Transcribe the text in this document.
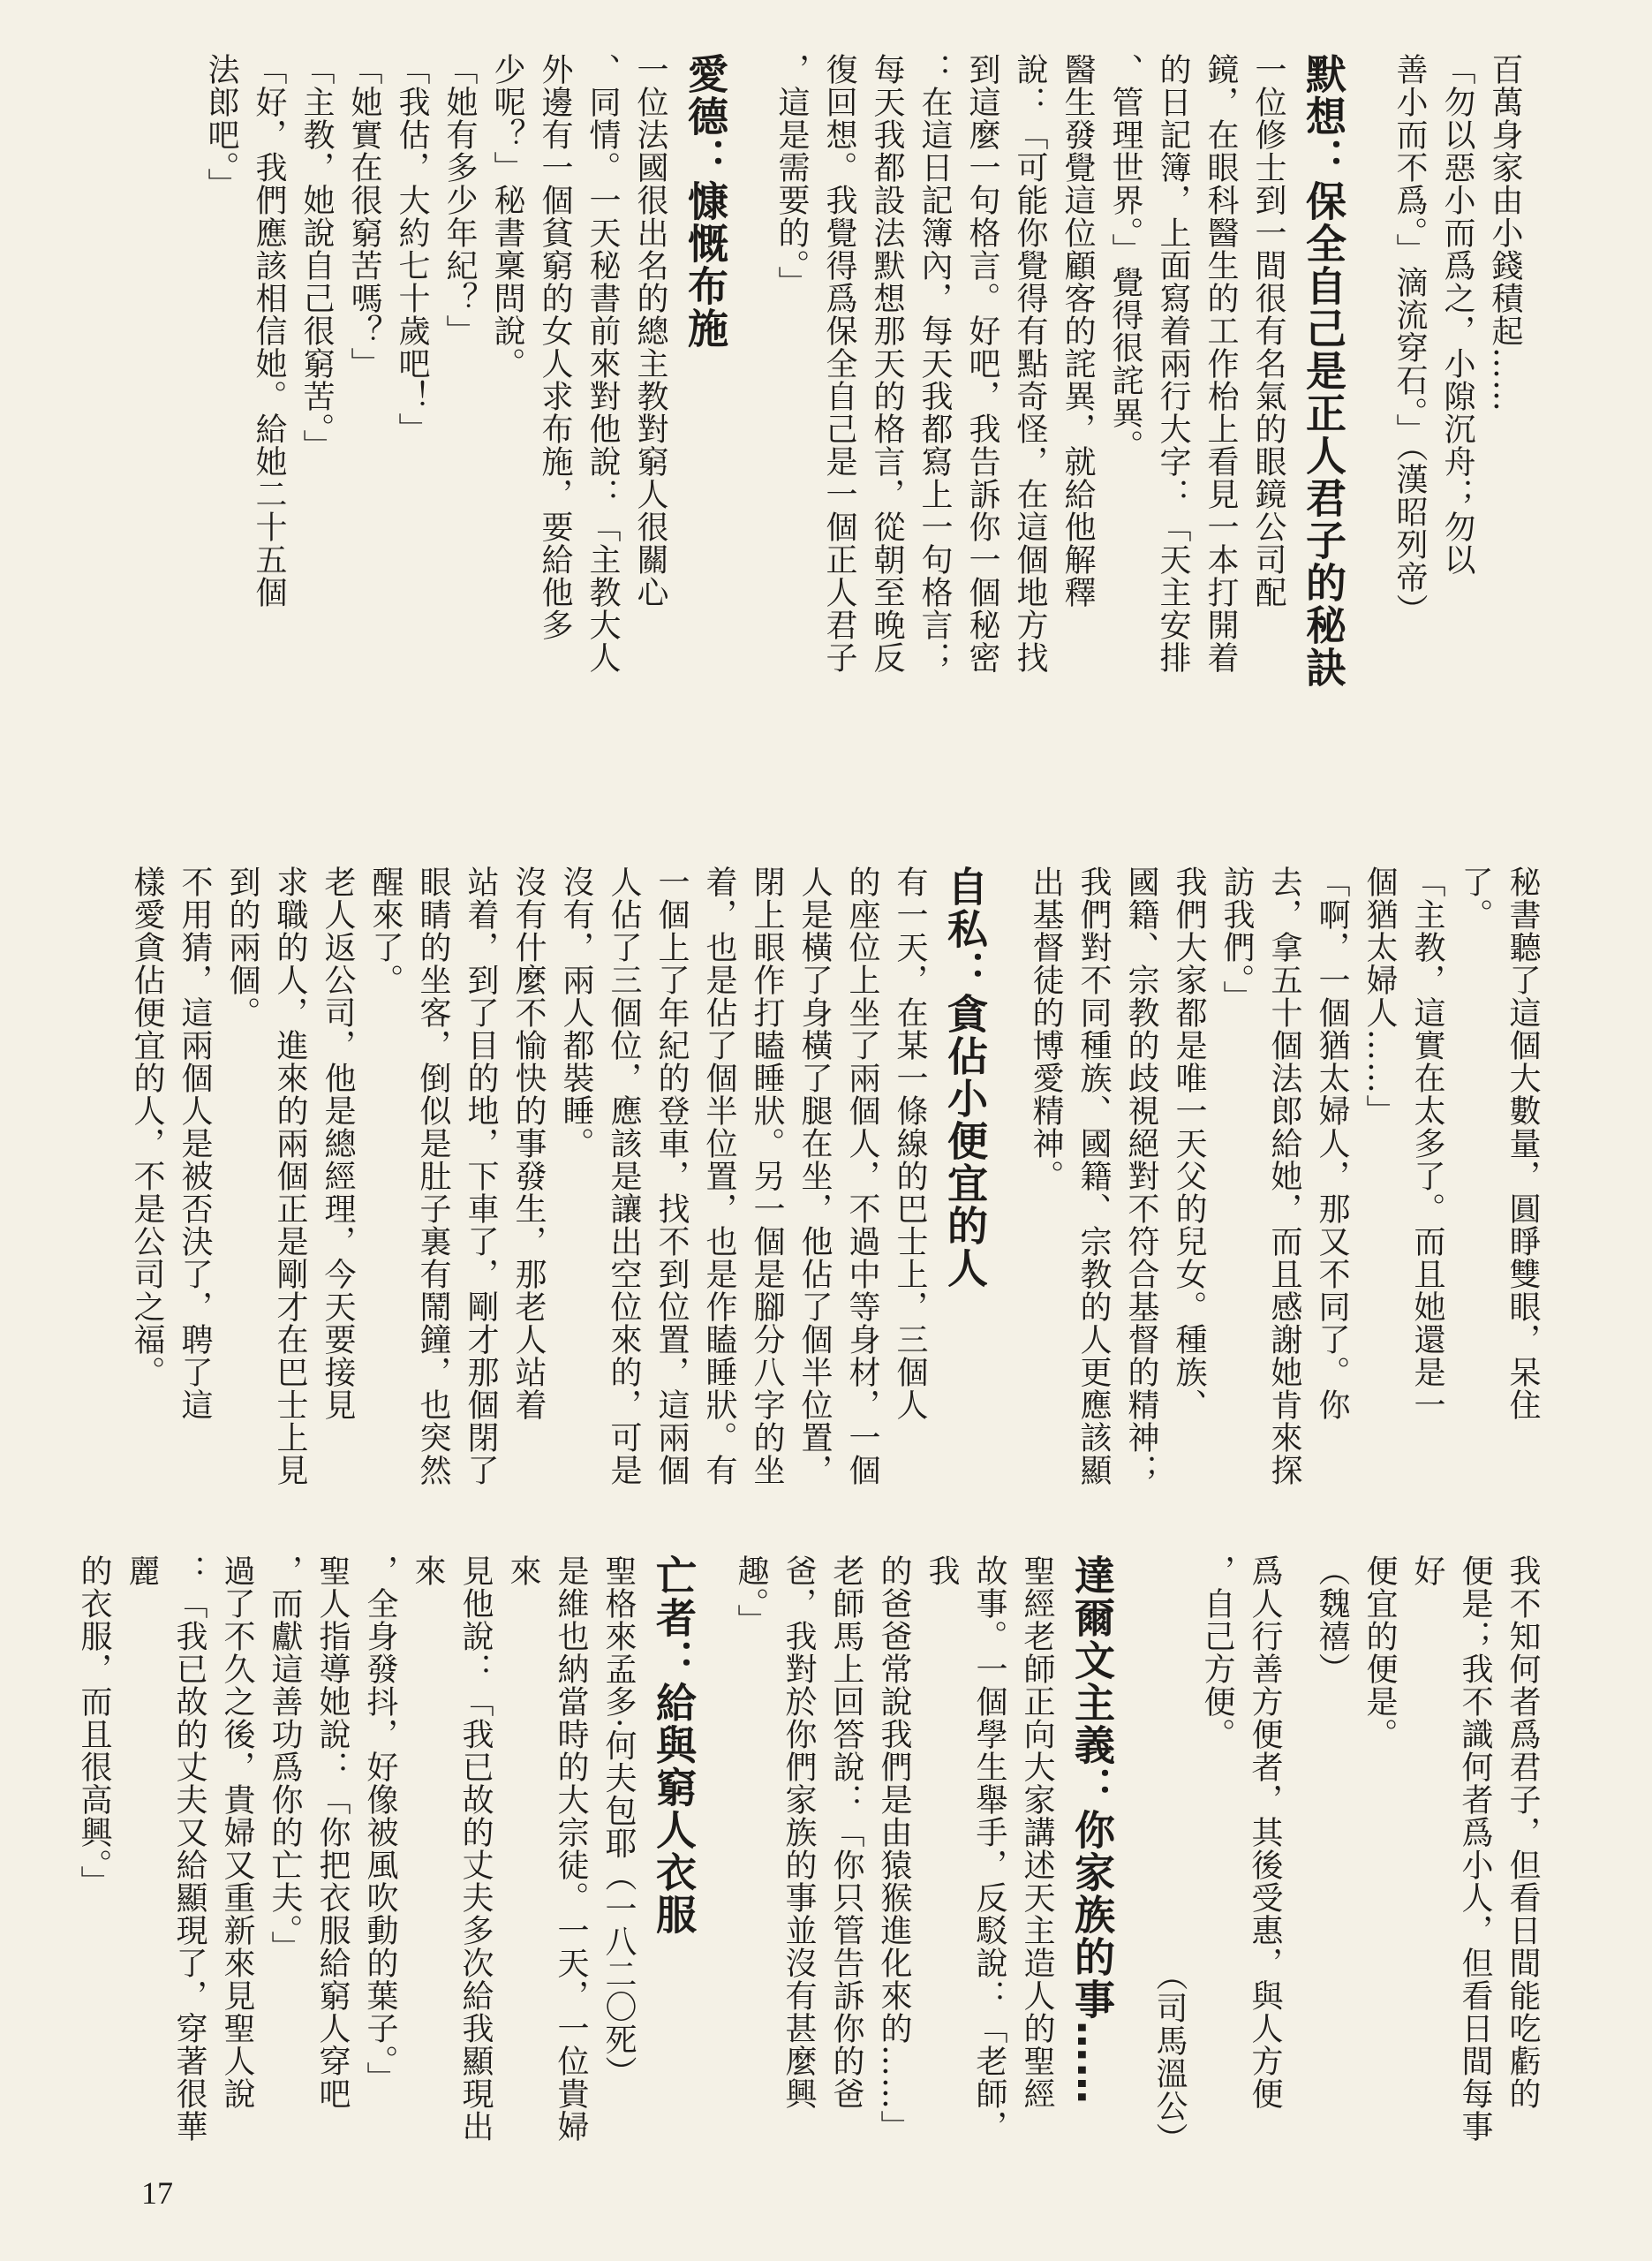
百萬身家由小錢積起……
「勿以惡小而爲之，小隙沉舟；勿以
善小而不爲。」滴流穿石。」（漢昭列帝）
默想：保全自己是正人君子的秘訣
一位修士到一間很有名氣的眼鏡公司配
鏡，在眼科醫生的工作枱上看見一本打開着
的日記簿，上面寫着兩行大字：「天主安排
、管理世界。」覺得很詫異。
醫生發覺這位顧客的詫異，就給他解釋
說：「可能你覺得有點奇怪，在這個地方找
到這麼一句格言。好吧，我告訴你一個秘密
：在這日記簿內，每天我都寫上一句格言；
每天我都設法默想那天的格言，從朝至晚反
復回想。我覺得爲保全自己是一個正人君子
，這是需要的。」
愛德：慷慨布施
一位法國很出名的總主教對窮人很關心
、同情。一天秘書前來對他說：「主教大人
外邊有一個貧窮的女人求布施，要給他多
少呢？」秘書稟問說。
「她有多少年紀？」
「我估，大約七十歲吧！」
「她實在很窮苦嗎？」
「主教，她說自己很窮苦。」
「好，我們應該相信她。給她二十五個
法郎吧。」
秘書聽了這個大數量，圓睜雙眼，呆住
了。
「主教，這實在太多了。而且她還是一
個猶太婦人……」
「啊，一個猶太婦人，那又不同了。你
去，拿五十個法郎給她，而且感謝她肯來探
訪我們。」
我們大家都是唯一天父的兒女。種族、
國籍、宗教的歧視絕對不符合基督的精神；
我們對不同種族、國籍、宗教的人更應該顯
出基督徒的博愛精神。
自私：貪佔小便宜的人
有一天，在某一條線的巴士上，三個人
的座位上坐了兩個人，不過中等身材，一個
人是橫了身橫了腿在坐，他佔了個半位置，
閉上眼作打瞌睡狀。另一個是腳分八字的坐
着，也是佔了個半位置，也是作瞌睡狀。有
一個上了年紀的登車，找不到位置，這兩個
人佔了三個位，應該是讓出空位來的，可是
沒有，兩人都裝睡。
沒有什麼不愉快的事發生，那老人站着
站着，到了目的地，下車了，剛才那個閉了
眼睛的坐客，倒似是肚子裏有鬧鐘，也突然
醒來了。
老人返公司，他是總經理，今天要接見
求職的人，進來的兩個正是剛才在巴士上見
到的兩個。
不用猜，這兩個人是被否決了，聘了這
樣愛貪佔便宜的人，不是公司之福。
我不知何者爲君子，但看日間能吃虧的
便是；我不識何者爲小人，但看日間每事好
便宜的便是。
（魏禧）
爲人行善方便者，其後受惠，與人方便
，自己方便。
（司馬溫公）
達爾文主義：你家族的事……
聖經老師正向大家講述天主造人的聖經
故事。一個學生舉手，反駁說：「老師，我
的爸爸常說我們是由猿猴進化來的……」
老師馬上回答說：「你只管告訴你的爸
爸，我對於你們家族的事並沒有甚麼興趣。」
亡者：給與窮人衣服
聖格來孟多·何夫包耶（一八二〇死）
是維也納當時的大宗徒。一天，一位貴婦來
見他說：「我已故的丈夫多次給我顯現出來
，全身發抖，好像被風吹動的葉子。」
聖人指導她說：「你把衣服給窮人穿吧
，而獻這善功爲你的亡夫。」
過了不久之後，貴婦又重新來見聖人說
：「我已故的丈夫又給顯現了，穿著很華麗
的衣服，而且很高興。」
17
